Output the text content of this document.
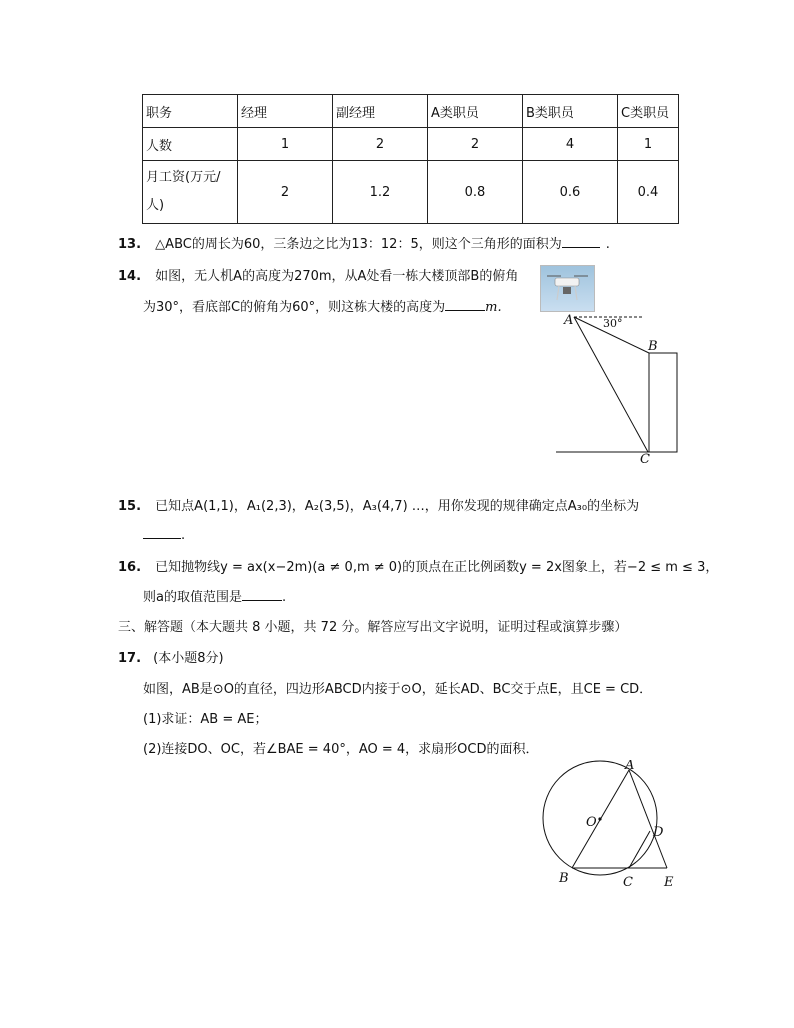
职务	经理	副经理	A类职员	B类职员	C类职员
人数	1	2	2	4	1
月工资(万元/人)	2	1.2	0.8	0.6	0.4
13. △ABC的周长为60，三条边之比为13：12：5，则这个三角形的面积为	.
14. 如图，无人机A的高度为270m，从A处看一栋大楼顶部B的俯角
为30°，看底部C的俯角为60°，则这栋大楼的高度为	m.
A
B
C
30°
15. 已知点A(1,1)，A₁(2,3)，A₂(3,5)，A₃(4,7) …，用你发现的规律确定点A₃₀的坐标为
.
16. 已知抛物线y = ax(x−2m)(a ≠ 0,m ≠ 0)的顶点在正比例函数y = 2x图象上，若−2 ≤ m ≤ 3，
则a的取值范围是	.
三、解答题（本大题共 8 小题，共 72 分。解答应写出文字说明，证明过程或演算步骤）
17. (本小题8分)
如图，AB是⊙O的直径，四边形ABCD内接于⊙O，延长AD、BC交于点E，且CE = CD．
(1)求证：AB = AE；
(2)连接DO、OC，若∠BAE = 40°，AO = 4，求扇形OCD的面积．
A
B	C
D
E
O
